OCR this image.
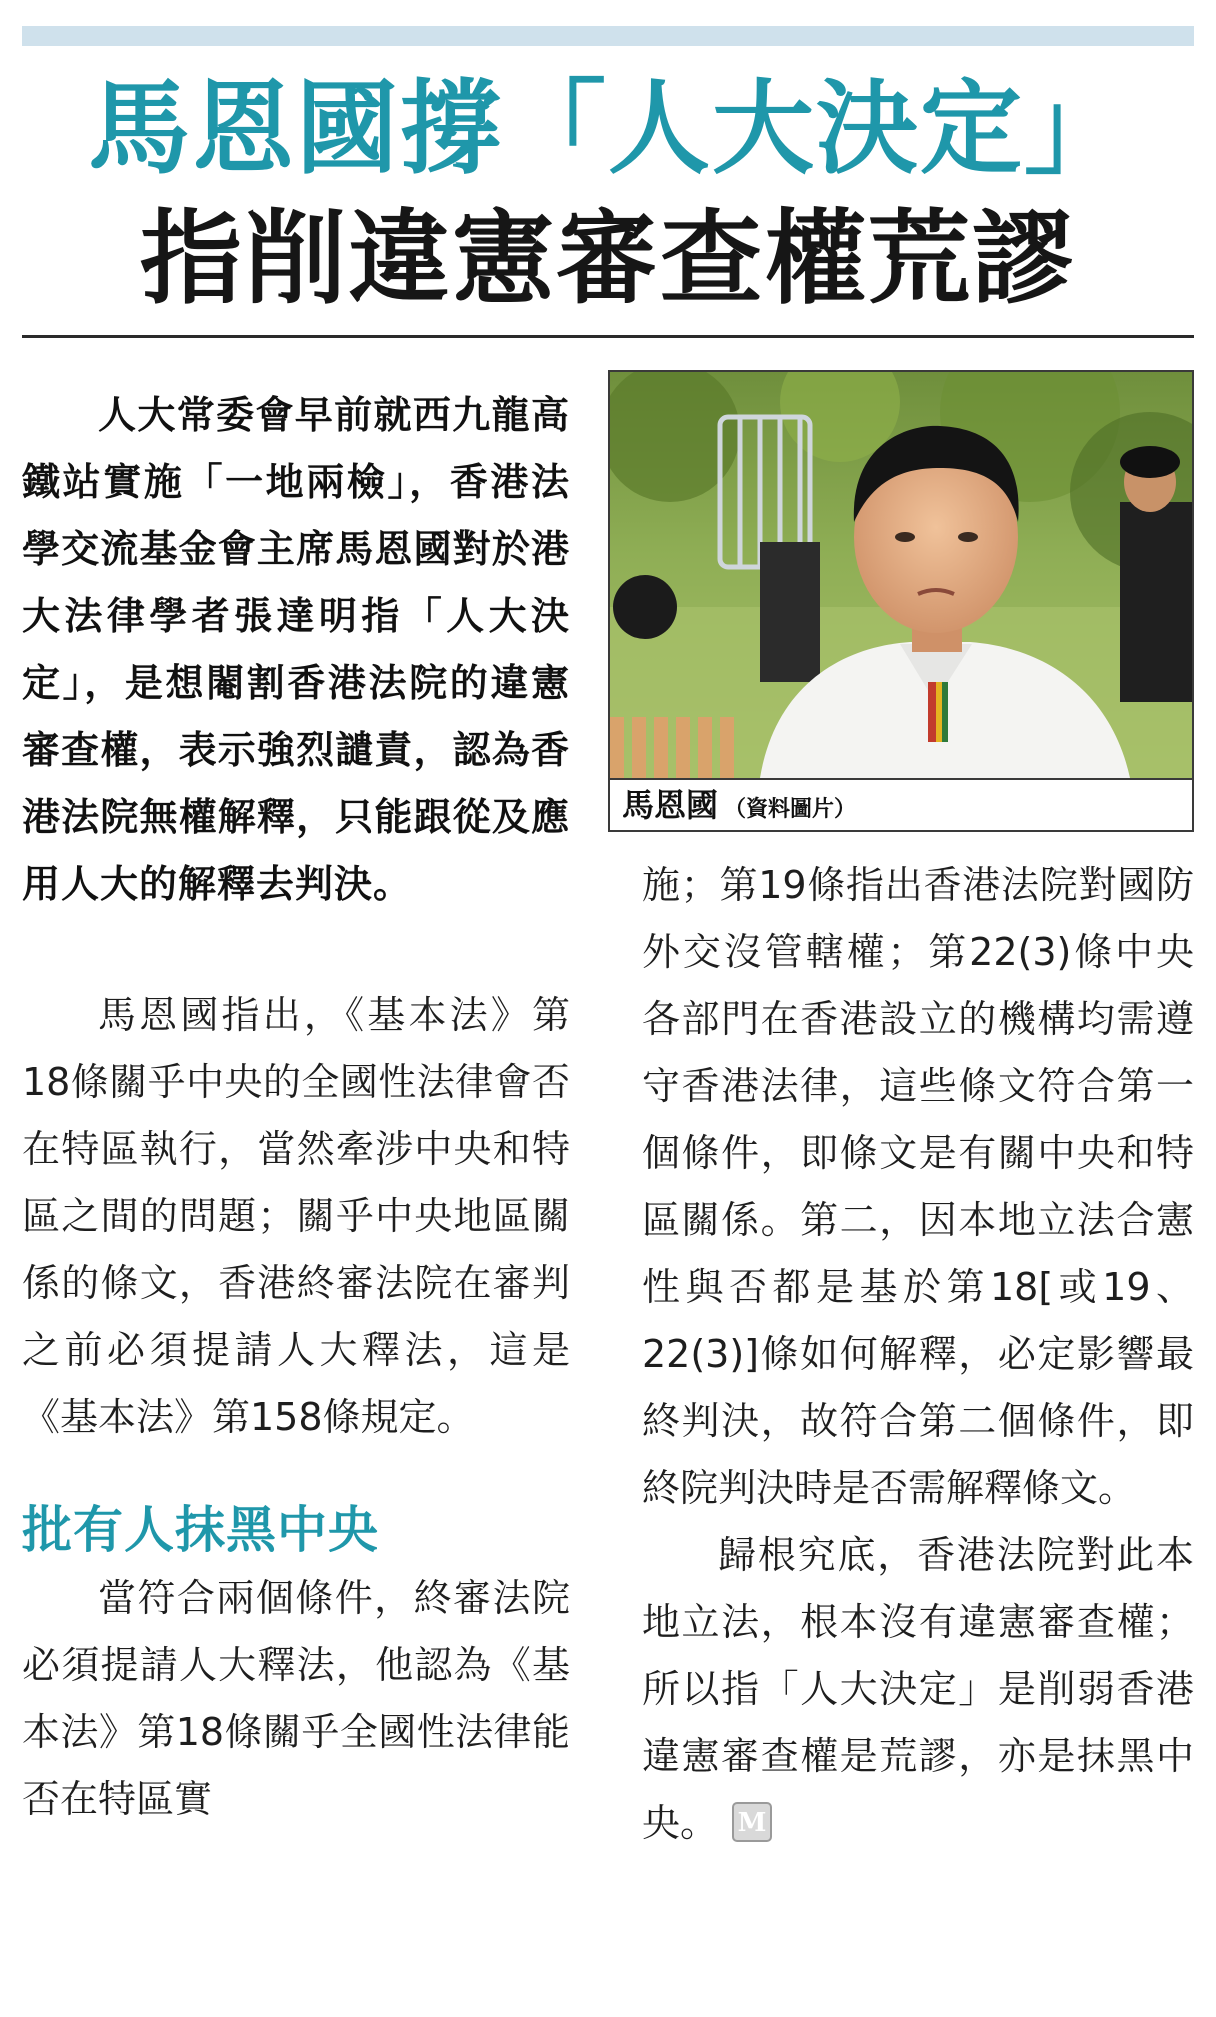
馬恩國撐「人大決定」
指削違憲審查權荒謬
馬恩國 （資料圖片）

人大常委會早前就西九龍高鐵站實施「一地兩檢」，香港法學交流基金會主席馬恩國對於港大法律學者張達明指「人大決定」，是想閹割香港法院的違憲審查權，表示強烈譴責，認為香港法院無權解釋，只能跟從及應用人大的解釋去判決。

馬恩國指出，《基本法》第18條關乎中央的全國性法律會否在特區執行，當然牽涉中央和特區之間的問題；關乎中央地區關係的條文，香港終審法院在審判之前必須提請人大釋法，這是《基本法》第158條規定。

批有人抹黑中央

當符合兩個條件，終審法院必須提請人大釋法，他認為《基本法》第18條關乎全國性法律能否在特區實

施；第19條指出香港法院對國防外交沒管轄權；第22(3)條中央各部門在香港設立的機構均需遵守香港法律，這些條文符合第一個條件，即條文是有關中央和特區關係。第二，因本地立法合憲性與否都是基於第18[或19、22(3)]條如何解釋，必定影響最終判決，故符合第二個條件，即終院判決時是否需解釋條文。

歸根究底，香港法院對此本地立法，根本沒有違憲審查權；所以指「人大決定」是削弱香港違憲審查權是荒謬，亦是抹黑中央。 M
